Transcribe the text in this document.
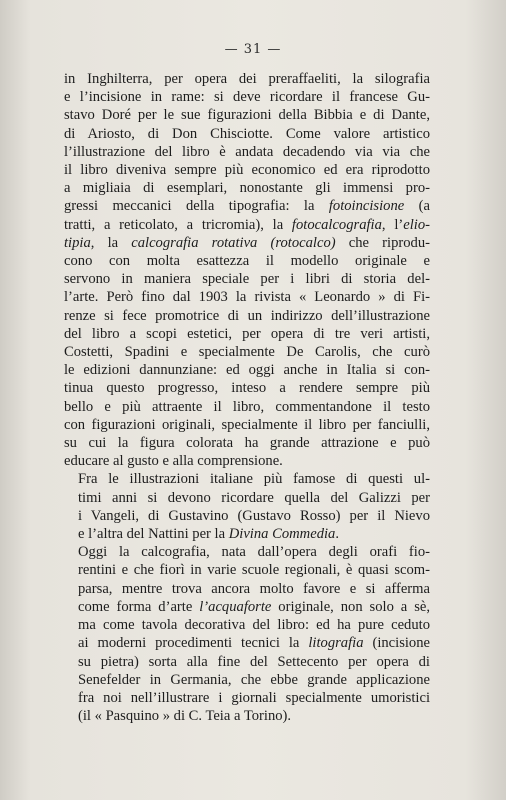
— 31 —
in Inghilterra, per opera dei preraffaeliti, la silografia
e l’incisione in rame: si deve ricordare il francese Gu-
stavo Doré per le sue figurazioni della Bibbia e di Dante,
di Ariosto, di Don Chisciotte. Come valore artistico
l’illustrazione del libro è andata decadendo via via che
il libro diveniva sempre più economico ed era riprodotto
a migliaia di esemplari, nonostante gli immensi pro-
gressi meccanici della tipografia: la fotoincisione (a
tratti, a reticolato, a tricromia), la fotocalcografia, l’elio-
tipia, la calcografia rotativa (rotocalco) che riprodu-
cono con molta esattezza il modello originale e
servono in maniera speciale per i libri di storia del-
l’arte. Però fino dal 1903 la rivista « Leonardo » di Fi-
renze si fece promotrice di un indirizzo dell’illustrazione
del libro a scopi estetici, per opera di tre veri artisti,
Costetti, Spadini e specialmente De Carolis, che curò
le edizioni dannunziane: ed oggi anche in Italia si con-
tinua questo progresso, inteso a rendere sempre più
bello e più attraente il libro, commentandone il testo
con figurazioni originali, specialmente il libro per fanciulli,
su cui la figura colorata ha grande attrazione e può
educare al gusto e alla comprensione.
Fra le illustrazioni italiane più famose di questi ul-
timi anni si devono ricordare quella del Galizzi per
i Vangeli, di Gustavino (Gustavo Rosso) per il Nievo
e l’altra del Nattini per la Divina Commedia.
Oggi la calcografia, nata dall’opera degli orafi fio-
rentini e che fiorì in varie scuole regionali, è quasi scom-
parsa, mentre trova ancora molto favore e si afferma
come forma d’arte l’acquaforte originale, non solo a sè,
ma come tavola decorativa del libro: ed ha pure ceduto
ai moderni procedimenti tecnici la litografia (incisione
su pietra) sorta alla fine del Settecento per opera di
Senefelder in Germania, che ebbe grande applicazione
fra noi nell’illustrare i giornali specialmente umoristici
(il « Pasquino » di C. Teia a Torino).
